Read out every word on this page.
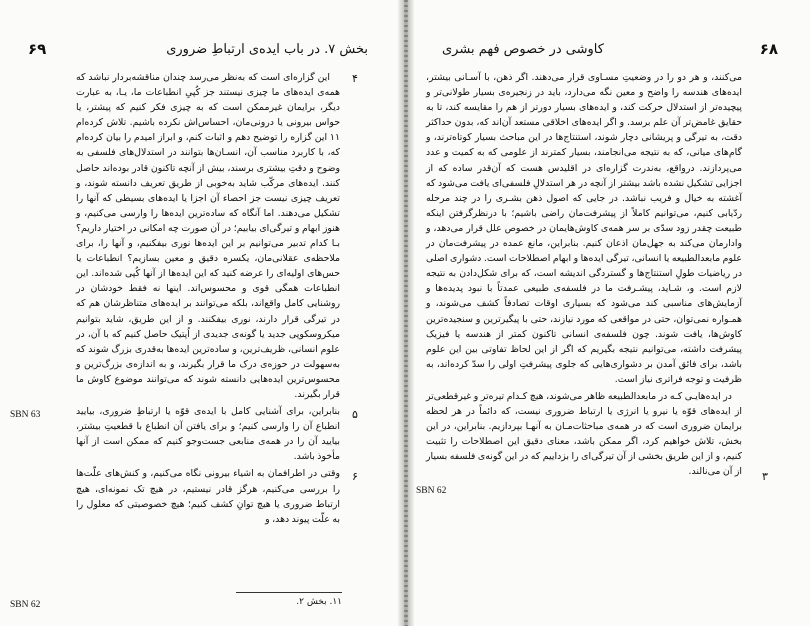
۶۹	بخش ۷. در باب ایده‌ی ارتباطِ ضروری
۴
۵
۶
SBN 63
SBN 62

این گزاره‌ای است که به‌نظر می‌رسد چندان مناقشه‌بردار نباشد که همه‌ی ایده‌های ما چیزی نیستند جز کُپیِ انطباعات ما، یـا، به عبارت دیگر، برایمان غیرممکن است که به چیزی فکر کنیم که پیشتر، یا حواس بیرونی یا درونی‌مان، احساس‌اش نکرده باشیم. تلاش کرده‌ام ۱۱ این گزاره را توضیح دهم و اثبات کنم، و ابراز امیدم را بیان کرده‌ام که، با کاربرد مناسب آن، انسـان‌ها بتوانند در استدلال‌های فلسفی به وضوح و دقتِ بیشتری برسند، بیش از آنچه تاکنون قادر بوده‌اند حاصل کنند. ایده‌های مرکّب شاید به‌خوبی از طریق تعریف دانسته شوند، و تعریف چیزی نیست جز احصاء آن اجزا یا ایده‌های بسیطی که آنها را تشکیل می‌دهند. اما آنگاه که ساده‌ترین ایده‌ها را وارسی می‌کنیم، و هنوز ابهام و تیرگی‌ای بیابیم؛ در آن صورت چه امکانی در اختیار داریم؟ بـا کدام تدبیر می‌توانیم بر این ایده‌ها نوری بیفکنیم، و آنها را، برای ملاحظه‌ی عقلانی‌مان، یکسره دقیق و معین بسازیم؟ انطباعات یا حس‌های اولیه‌ای را عرضه کنید که این ایده‌ها از آنها کُپی شده‌اند. این انطباعات همگی قوی و محسوس‌اند. اینها نه فقط خودشان در روشنایی کامل واقع‌اند، بلکه می‌توانند بر ایده‌های متناظرشان هم که در تیرگی قرار دارند، نوری بیفکنند. و از این طریق، شاید بتوانیم میکروسکوپی جدید یا گونه‌ی جدیدی از اُپتیک حاصل کنیم که با آن، در علوم انسانی، ظریف‌ترین، و ساده‌ترین ایده‌ها به‌قدری بزرگ شوند که به‌سهولت در حوزه‌ی درک ما قرار بگیرند، و به اندازه‌ی بزرگ‌ترین و محسوس‌ترین ایده‌هایی دانسته شوند که می‌توانند موضوع کاوش ما قرار بگیرند.

بنابراین، برای آشنایی کامل با ایده‌ی قوّه یا ارتباطِ ضروری، بیایید انطباع آن را وارسی کنیم؛ و برای یافتن آن انطباع با قطعیتِ بیشتر، بیایید آن را در همه‌ی منابعی جست‌وجو کنیم که ممکن است از آنها مأخوذ باشد.

وقتی در اطرافمان به اشیاء بیرونی نگاه می‌کنیم، و کنش‌های علّت‌ها را بررسی می‌کنیم، هرگز قادر نیستیم، در هیچ تک نمونه‌ای، هیچ ارتباط ضروری یا هیچ توانِ کشف کنیم؛ هیچ خصوصیتی که معلول را به علّت پیوند دهد، و

۱۱. بخش ۲.
کاوشی در خصوص فهم بشری	۶۸
۳
SBN 62

می‌کنند، و هر دو را در وضعیتِ مسـاوی قرار می‌دهند. اگر ذهن، با آسـانی بیشتر، ایده‌های هندسه را واضح و معین نگه می‌دارد، باید در زنجیره‌ی بسیار طولانی‌تر و پیچیده‌تر از استدلال حرکت کند، و ایده‌های بسیار دورتر از هم را مقایسه کند، تا به حقایق غامض‌تر آن علم برسد. و اگر ایده‌های اخلاقی مستعد آن‌اند که، بدون حداکثر دقت، به تیرگی و پریشانی دچار شوند، استنتاج‌ها در این مباحث بسیار کوتاه‌ترند، و گام‌های میانی، که به نتیجه می‌انجامند، بسیار کمترند از علومی که به کمیت و عدد می‌پردازند. درواقع، به‌ندرت گزاره‌ای در اقلیدس هست که آن‌قدر ساده که از اجزایی تشکیل نشده باشد بیشتر از آنچه در هر استدلالِ فلسفی‌ای یافت می‌شود که آغشته به خیال و فریب نباشد. در جایی که اصول ذهن بشـری را در چند مرحله ردّیابی کنیم، می‌توانیم کاملاً از پیشرفت‌مان راضی باشیم؛ با درنظرگرفتن اینکه طبیعت چقدر زود سدّی بر سر همه‌ی کاوش‌هایمان در خصوص علل قرار می‌دهد، و وادارمان می‌کند به جهل‌مان اذعان کنیم. بنابراین، مانع عمده در پیشرفت‌مان در علوم مابعدالطبیعه یا انسانی، تیرگی ایده‌ها و ابهام اصطلاحات است. دشواری اصلی در ریاضیات طولِ استنتاج‌ها و گستردگی اندیشه است، که برای شکل‌دادن به نتیجه لازم است. و، شـاید، پیشـرفت ما در فلسفه‌ی طبیعی عمدتاً با نبود پدیده‌ها و آزمایش‌های مناسبی کند می‌شود که بسیاری اوقات تصادفاً کشف می‌شوند، و همـواره نمی‌توان، حتی در مواقعی که مورد نیازند، حتی با پیگیرترین و سنجیده‌ترین کاوش‌ها، یافت شوند. چون فلسفه‌ی انسانی تاکنون کمتر از هندسه یا فیزیک پیشرفت داشته، می‌توانیم نتیجه بگیریم که اگر از این لحاظ تفاوتی بین این علوم باشد، برای فائق آمدن بر دشواری‌هایی که جلوی پیشرفتِ اولی را سدّ کرده‌اند، به ظرفیت و توجه فراتری نیاز است.

در ایده‌هایـی کـه در مابعدالطبیعه ظاهر می‌شوند، هیچ کـدام تیره‌تر و غیرقطعی‌تر از ایده‌های قوّه یا نیرو یا انرژی یا ارتباط ضروری نیست، که دائماً در هر لحظه برایمان ضروری است که در همه‌ی مباحثات‌مـان به آنهـا بپردازیم. بنابراین، در این بخش، تلاش خواهیم کرد، اگر ممکن باشد، معنای دقیق این اصطلاحات را تثبیت کنیم، و از این طریق بخشی از آن تیرگی‌ای را بزداییم که در این گونه‌ی فلسفه بسیار از آن می‌نالند.
